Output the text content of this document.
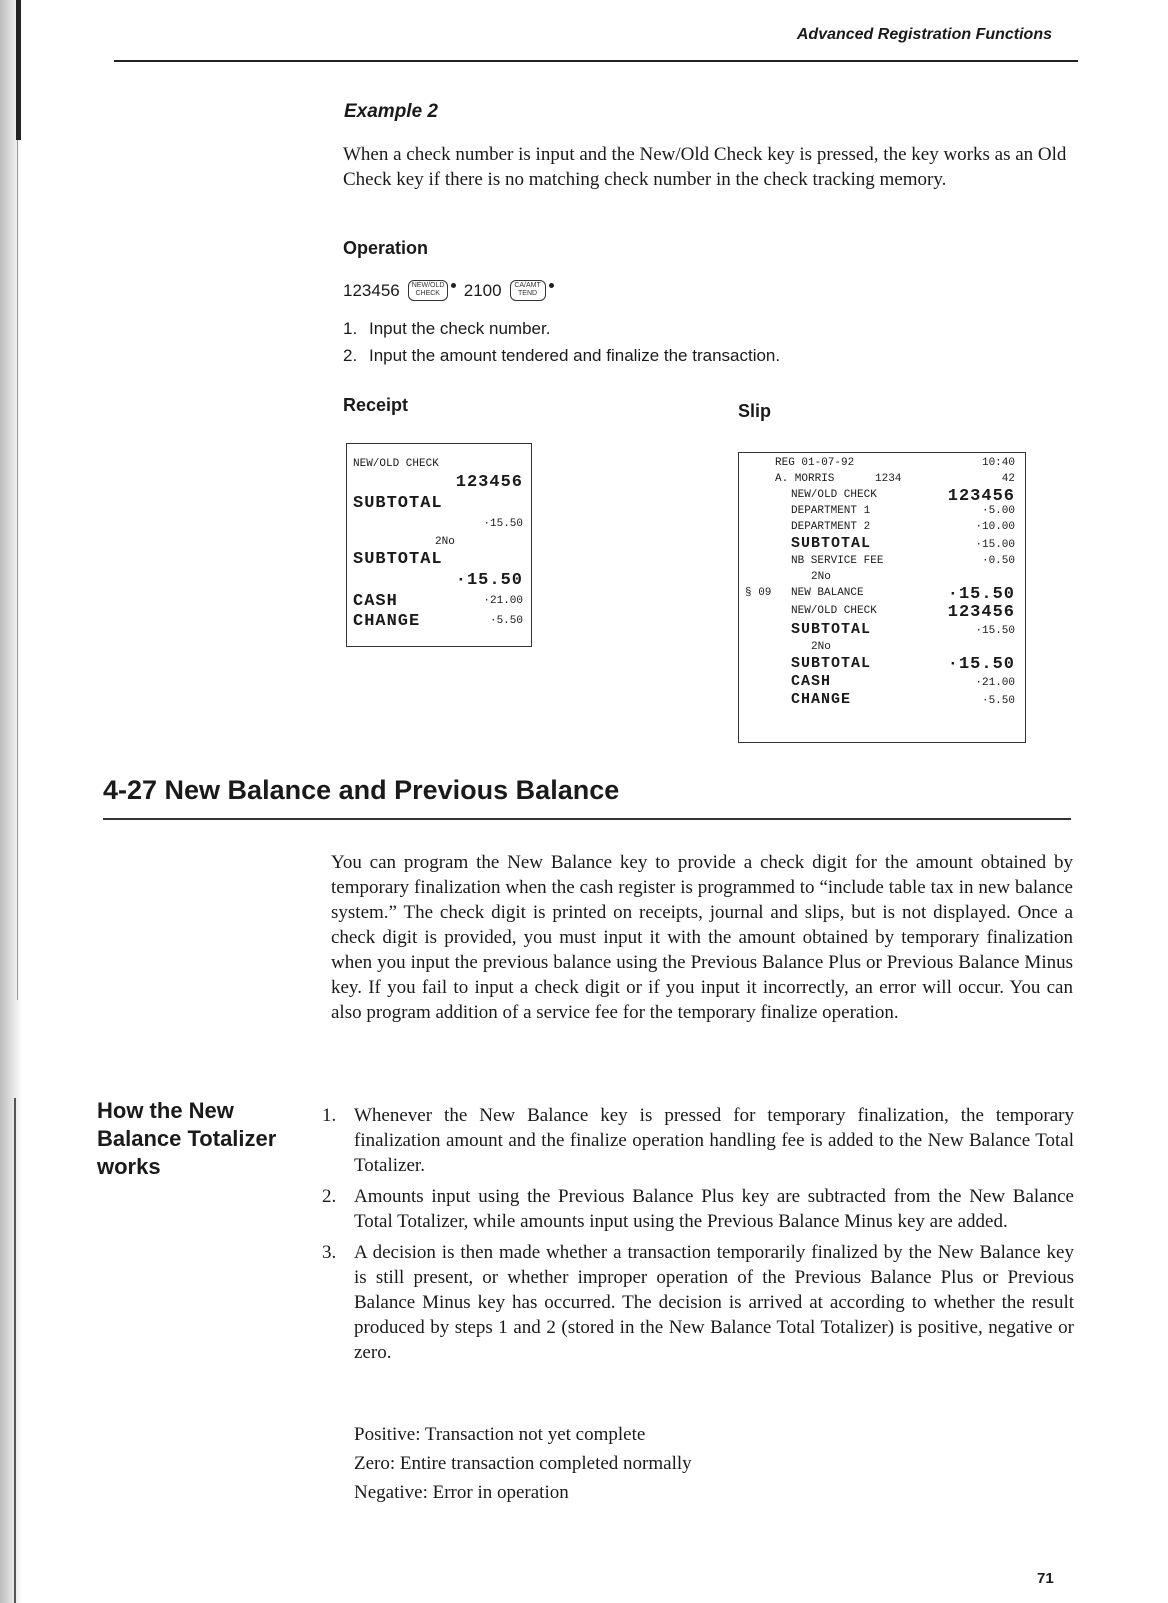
Advanced Registration Functions
Example 2
When a check number is input and the New/Old Check key is pressed, the key works as an Old Check key if there is no matching check number in the check tracking memory.
Operation
123456	NEW/OLD CHECK	2100	CA/AMT TEND
1. Input the check number.
2. Input the amount tendered and finalize the transaction.
Receipt	Slip
NEW/OLD CHECK
123456
SUBTOTAL
·15.50
2No
SUBTOTAL
·15.50
CASH	·21.00
CHANGE	·5.50
REG 01-07-92	10:40
A. MORRIS	1234	42
NEW/OLD CHECK	123456
DEPARTMENT 1	·5.00
DEPARTMENT 2	·10.00
SUBTOTAL	·15.00
NB SERVICE FEE	·0.50
2No
§ 09 NEW BALANCE	·15.50
NEW/OLD CHECK	123456
SUBTOTAL	·15.50
2No
SUBTOTAL	·15.50
CASH	·21.00
CHANGE	·5.50
4-27 New Balance and Previous Balance
You can program the New Balance key to provide a check digit for the amount obtained by temporary finalization when the cash register is programmed to “include table tax in new balance system.” The check digit is printed on receipts, journal and slips, but is not displayed. Once a check digit is provided, you must input it with the amount obtained by temporary finalization when you input the previous balance using the Previous Balance Plus or Previous Balance Minus key. If you fail to input a check digit or if you input it incorrectly, an error will occur. You can also program addition of a service fee for the temporary finalize operation.
How the New Balance Totalizer works
1. Whenever the New Balance key is pressed for temporary finalization, the temporary finalization amount and the finalize operation handling fee is added to the New Balance Total Totalizer.
2. Amounts input using the Previous Balance Plus key are subtracted from the New Balance Total Totalizer, while amounts input using the Previous Balance Minus key are added.
3. A decision is then made whether a transaction temporarily finalized by the New Balance key is still present, or whether improper operation of the Previous Balance Plus or Previous Balance Minus key has occurred. The decision is arrived at according to whether the result produced by steps 1 and 2 (stored in the New Balance Total Totalizer) is positive, negative or zero.
Positive: Transaction not yet complete
Zero: Entire transaction completed normally
Negative: Error in operation
71
